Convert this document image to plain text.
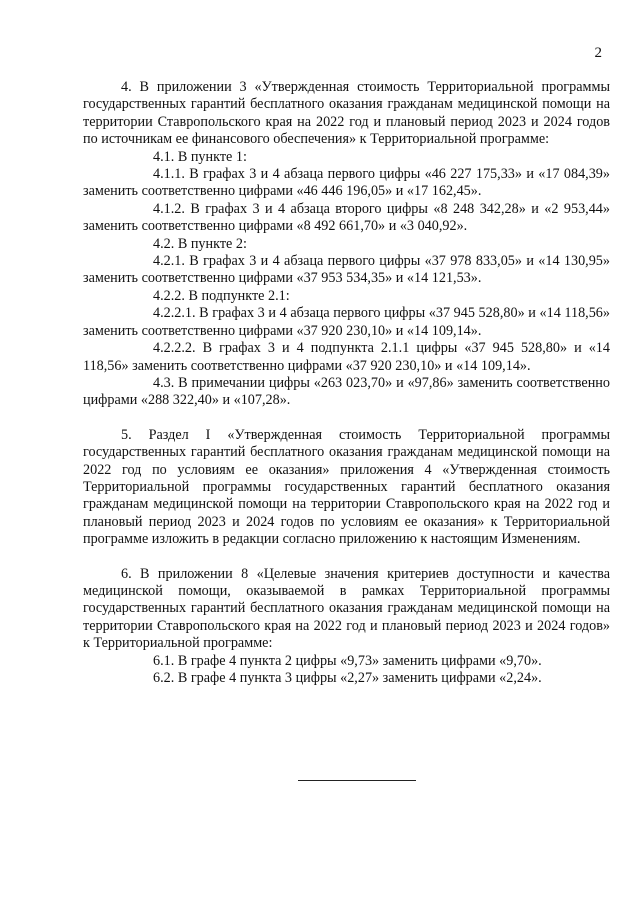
2

4. В приложении 3 «Утвержденная стоимость Территориальной программы государственных гарантий бесплатного оказания гражданам медицинской помощи на территории Ставропольского края на 2022 год и плановый период 2023 и 2024 годов по источникам ее финансового обеспечения» к Территориальной программе:

4.1. В пункте 1:

4.1.1. В графах 3 и 4 абзаца первого цифры «46 227 175,33» и «17 084,39» заменить соответственно цифрами «46 446 196,05» и «17 162,45».

4.1.2. В графах 3 и 4 абзаца второго цифры «8 248 342,28» и «2 953,44» заменить соответственно цифрами «8 492 661,70» и «3 040,92».

4.2. В пункте 2:

4.2.1. В графах 3 и 4 абзаца первого цифры «37 978 833,05» и «14 130,95» заменить соответственно цифрами «37 953 534,35» и «14 121,53».

4.2.2. В подпункте 2.1:

4.2.2.1. В графах 3 и 4 абзаца первого цифры «37 945 528,80» и «14 118,56» заменить соответственно цифрами «37 920 230,10» и «14 109,14».

4.2.2.2. В графах 3 и 4 подпункта 2.1.1 цифры «37 945 528,80» и «14 118,56» заменить соответственно цифрами «37 920 230,10» и «14 109,14».

4.3. В примечании цифры «263 023,70» и «97,86» заменить соответственно цифрами «288 322,40» и «107,28».

5. Раздел I «Утвержденная стоимость Территориальной программы государственных гарантий бесплатного оказания гражданам медицинской помощи на 2022 год по условиям ее оказания» приложения 4 «Утвержденная стоимость Территориальной программы государственных гарантий бесплатного оказания гражданам медицинской помощи на территории Ставропольского края на 2022 год и плановый период 2023 и 2024 годов по условиям ее оказания» к Территориальной программе изложить в редакции согласно приложению к настоящим Изменениям.

6. В приложении 8 «Целевые значения критериев доступности и качества медицинской помощи, оказываемой в рамках Территориальной программы государственных гарантий бесплатного оказания гражданам медицинской помощи на территории Ставропольского края на 2022 год и плановый период 2023 и 2024 годов» к Территориальной программе:

6.1. В графе 4 пункта 2 цифры «9,73» заменить цифрами «9,70».

6.2. В графе 4 пункта 3 цифры «2,27» заменить цифрами «2,24».
